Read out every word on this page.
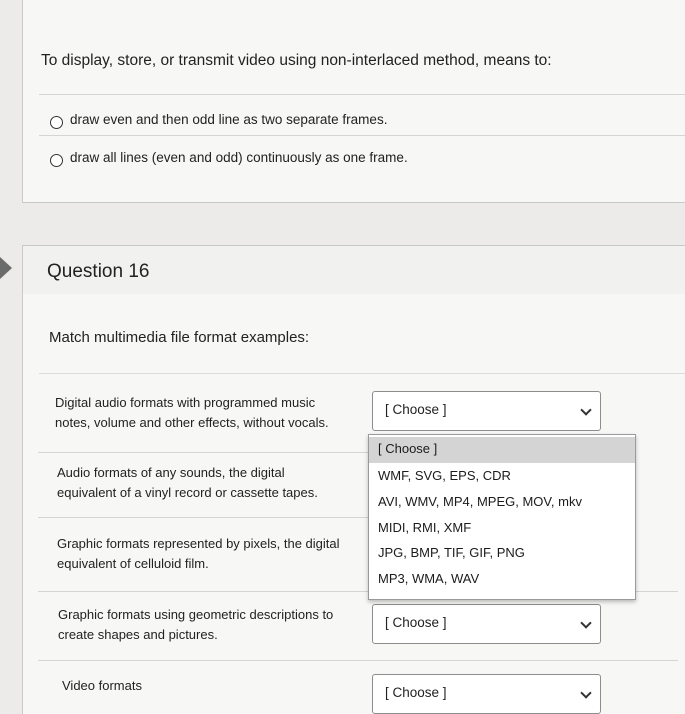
To display, store, or transmit video using non-interlaced method, means to:
draw even and then odd line as two separate frames.
draw all lines (even and odd) continuously as one frame.
Question 16
Match multimedia file format examples:
Digital audio formats with programmed music
notes, volume and other effects, without vocals.
[ Choose ]
Audio formats of any sounds, the digital
equivalent of a vinyl record or cassette tapes.
Graphic formats represented by pixels, the digital
equivalent of celluloid film.
Graphic formats using geometric descriptions to
create shapes and pictures.
[ Choose ]
Video formats	[ Choose ]
[ Choose ]
WMF, SVG, EPS, CDR
AVI, WMV, MP4, MPEG, MOV, mkv
MIDI, RMI, XMF
JPG, BMP, TIF, GIF, PNG
MP3, WMA, WAV
